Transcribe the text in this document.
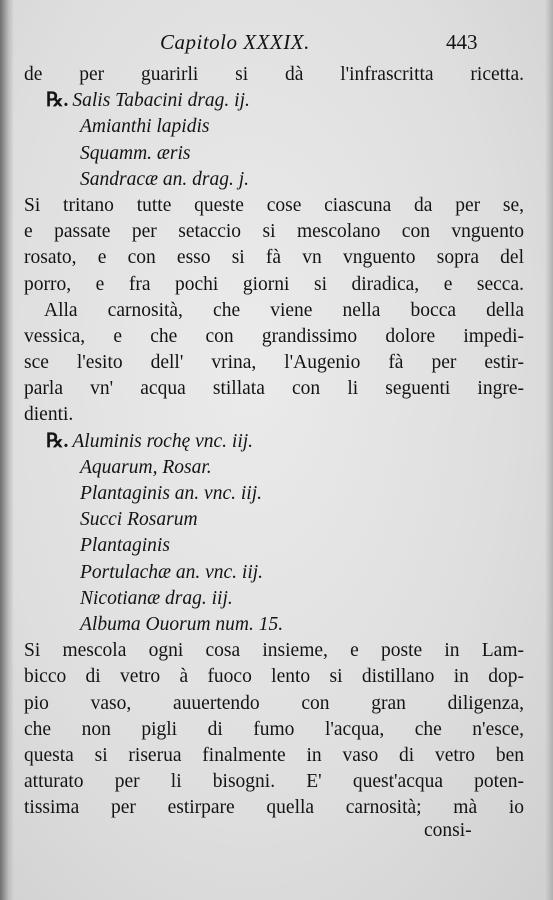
Capitolo XXXIX.	443
de per guarirli si dà l'infrascritta ricetta.
℞. Salis Tabacini drag. ij.
Amianthi lapidis
Squamm. æris
Sandracæ an. drag. j.
Si tritano tutte queste cose ciascuna da per se,
e passate per setaccio si mescolano con vnguento
rosato, e con esso si fà vn vnguento sopra del
porro, e fra pochi giorni si diradica, e secca.
Alla carnosità, che viene nella bocca della
vessica, e che con grandissimo dolore impedi-
sce l'esito dell' vrina, l'Augenio fà per estir-
parla vn' acqua stillata con li seguenti ingre-
dienti.
℞. Aluminis rochę vnc. iij.
Aquarum, Rosar.
Plantaginis an. vnc. iij.
Succi Rosarum
Plantaginis
Portulachæ an. vnc. iij.
Nicotianæ drag. iij.
Albuma Ouorum num. 15.
Si mescola ogni cosa insieme, e poste in Lam-
bicco di vetro à fuoco lento si distillano in dop-
pio vaso, auuertendo con gran diligenza,
che non pigli di fumo l'acqua, che n'esce,
questa si riserua finalmente in vaso di vetro ben
atturato per li bisogni. E' quest'acqua poten-
tissima per estirpare quella carnosità; mà io
consi-
